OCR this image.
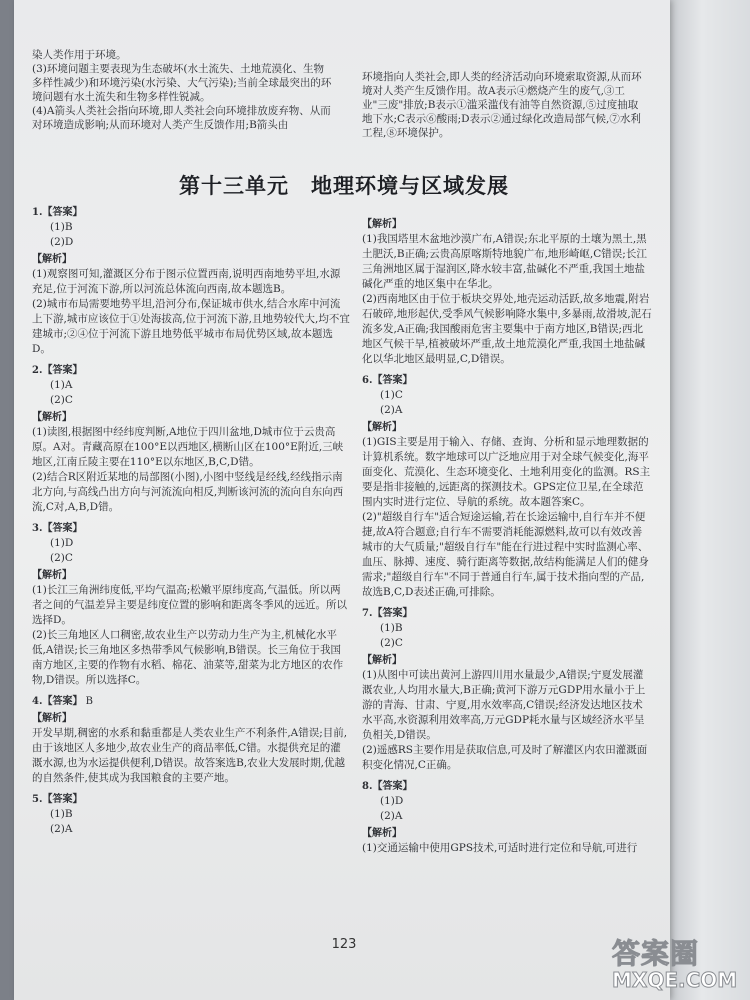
染人类作用于环境。

(3)环境问题主要表现为生态破坏(水土流失、土地荒漠化、生物多样性减少)和环境污染(水污染、大气污染);当前全球最突出的环境问题有水土流失和生物多样性锐减。

(4)A箭头人类社会指向环境,即人类社会向环境排放废弃物、从而对环境造成影响;从而环境对人类产生反馈作用;B箭头由

环境指向人类社会,即人类的经济活动向环境索取资源,从而环境对人类产生反馈作用。故A表示④燃烧产生的废气,③工业"三废"排放;B表示①滥采滥伐有油等自然资源,⑤过度抽取地下水;C表示⑥酸雨;D表示②通过绿化改造局部气候,⑦水利工程,⑧环境保护。

第十三单元　地理环境与区域发展
1.【答案】
(1)B
(2)D
【解析】

(1)观察图可知,灌溉区分布于图示位置西南,说明西南地势平坦,水源充足,位于河流下游,所以河流总体流向西南,故本题选B。

(2)城市布局需要地势平坦,沿河分布,保证城市供水,结合水库中河流上下游,城市应该位于①处海拔高,位于河流下游,且地势较代大,均不宜建城市;②④位于河流下游且地势低平城市布局优势区域,故本题选D。

2.【答案】
(1)A
(2)C
【解析】

(1)读图,根据图中经纬度判断,A地位于四川盆地,D城市位于云贵高原。A对。青藏高原在100°E以西地区,横断山区在100°E附近,三峡地区,江南丘陵主要在110°E以东地区,B,C,D错。

(2)结合R区附近某地的局部图(小图),小图中竖线是经线,经线指示南北方向,与高线凸出方向与河流流向相反,判断该河流的流向自东向西流,C对,A,B,D错。

3.【答案】
(1)D
(2)C
【解析】

(1)长江三角洲纬度低,平均气温高;松嫩平原纬度高,气温低。所以两者之间的气温差异主要是纬度位置的影响和距离冬季风的远近。所以选择D。

(2)长三角地区人口稠密,故农业生产以劳动力生产为主,机械化水平低,A错误;长三角地区多热带季风气候影响,B错误。长三角位于我国南方地区,主要的作物有水稻、棉花、油菜等,甜菜为北方地区的农作物,D错误。所以选择C。

4.【答案】 B
【解析】

开发早期,稠密的水系和黏重都是人类农业生产不利条件,A错误;目前,由于该地区人多地少,故农业生产的商品率低,C错。水提供充足的灌溉水源,也为水运提供便利,D错误。故答案选B,农业大发展时期,优越的自然条件,使其成为我国粮食的主要产地。

5.【答案】
(1)B
(2)A
【解析】

(1)我国塔里木盆地沙漠广布,A错误;东北平原的土壤为黑土,黑土肥沃,B正确;云贵高原喀斯特地貌广布,地形崎岖,C错误;长江三角洲地区属于湿润区,降水较丰富,盐碱化不严重,我国土地盐碱化严重的地区集中在华北。

(2)西南地区由于位于板块交界处,地壳运动活跃,故多地震,附岩石破碎,地形起伏,受季风气候影响降水集中,多暴雨,故滑坡,泥石流多发,A正确;我国酸雨危害主要集中于南方地区,B错误;西北地区气候干旱,植被破坏严重,故土地荒漠化严重,我国土地盐碱化以华北地区最明显,C,D错误。

6.【答案】
(1)C
(2)A
【解析】

(1)GIS主要是用于输入、存储、查询、分析和显示地理数据的计算机系统。数字地球可以广泛地应用于对全球气候变化,海平面变化、荒漠化、生态环境变化、土地利用变化的监测。RS主要是指非接触的,远距离的探测技术。GPS定位卫星,在全球范围内实时进行定位、导航的系统。故本题答案C。

(2)"超级自行车"适合短途运输,若在长途运输中,自行车并不便捷,故A符合题意;自行车不需要消耗能源燃料,故可以有效改善城市的大气质量;"超级自行车"能在行进过程中实时监测心率、血压、脉搏、速度、骑行距离等数据,故结构能满足人们的健身需求;"超级自行车"不同于普通自行车,属于技术指向型的产品,故选B,C,D表述正确,可排除。

7.【答案】
(1)B
(2)C
【解析】

(1)从图中可读出黄河上游四川用水量最少,A错误;宁夏发展灌溉农业,人均用水量大,B正确;黄河下游万元GDP用水量小于上游的青海、甘肃、宁夏,用水效率高,C错误;经济发达地区技术水平高,水资源利用效率高,万元GDP耗水量与区域经济水平呈负相关,D错误。

(2)遥感RS主要作用是获取信息,可及时了解灌区内农田灌溉面积变化情况,C正确。

8.【答案】
(1)D
(2)A
【解析】

(1)交通运输中使用GPS技术,可适时进行定位和导航,可进行

123	答案圈
MXQE.COM
